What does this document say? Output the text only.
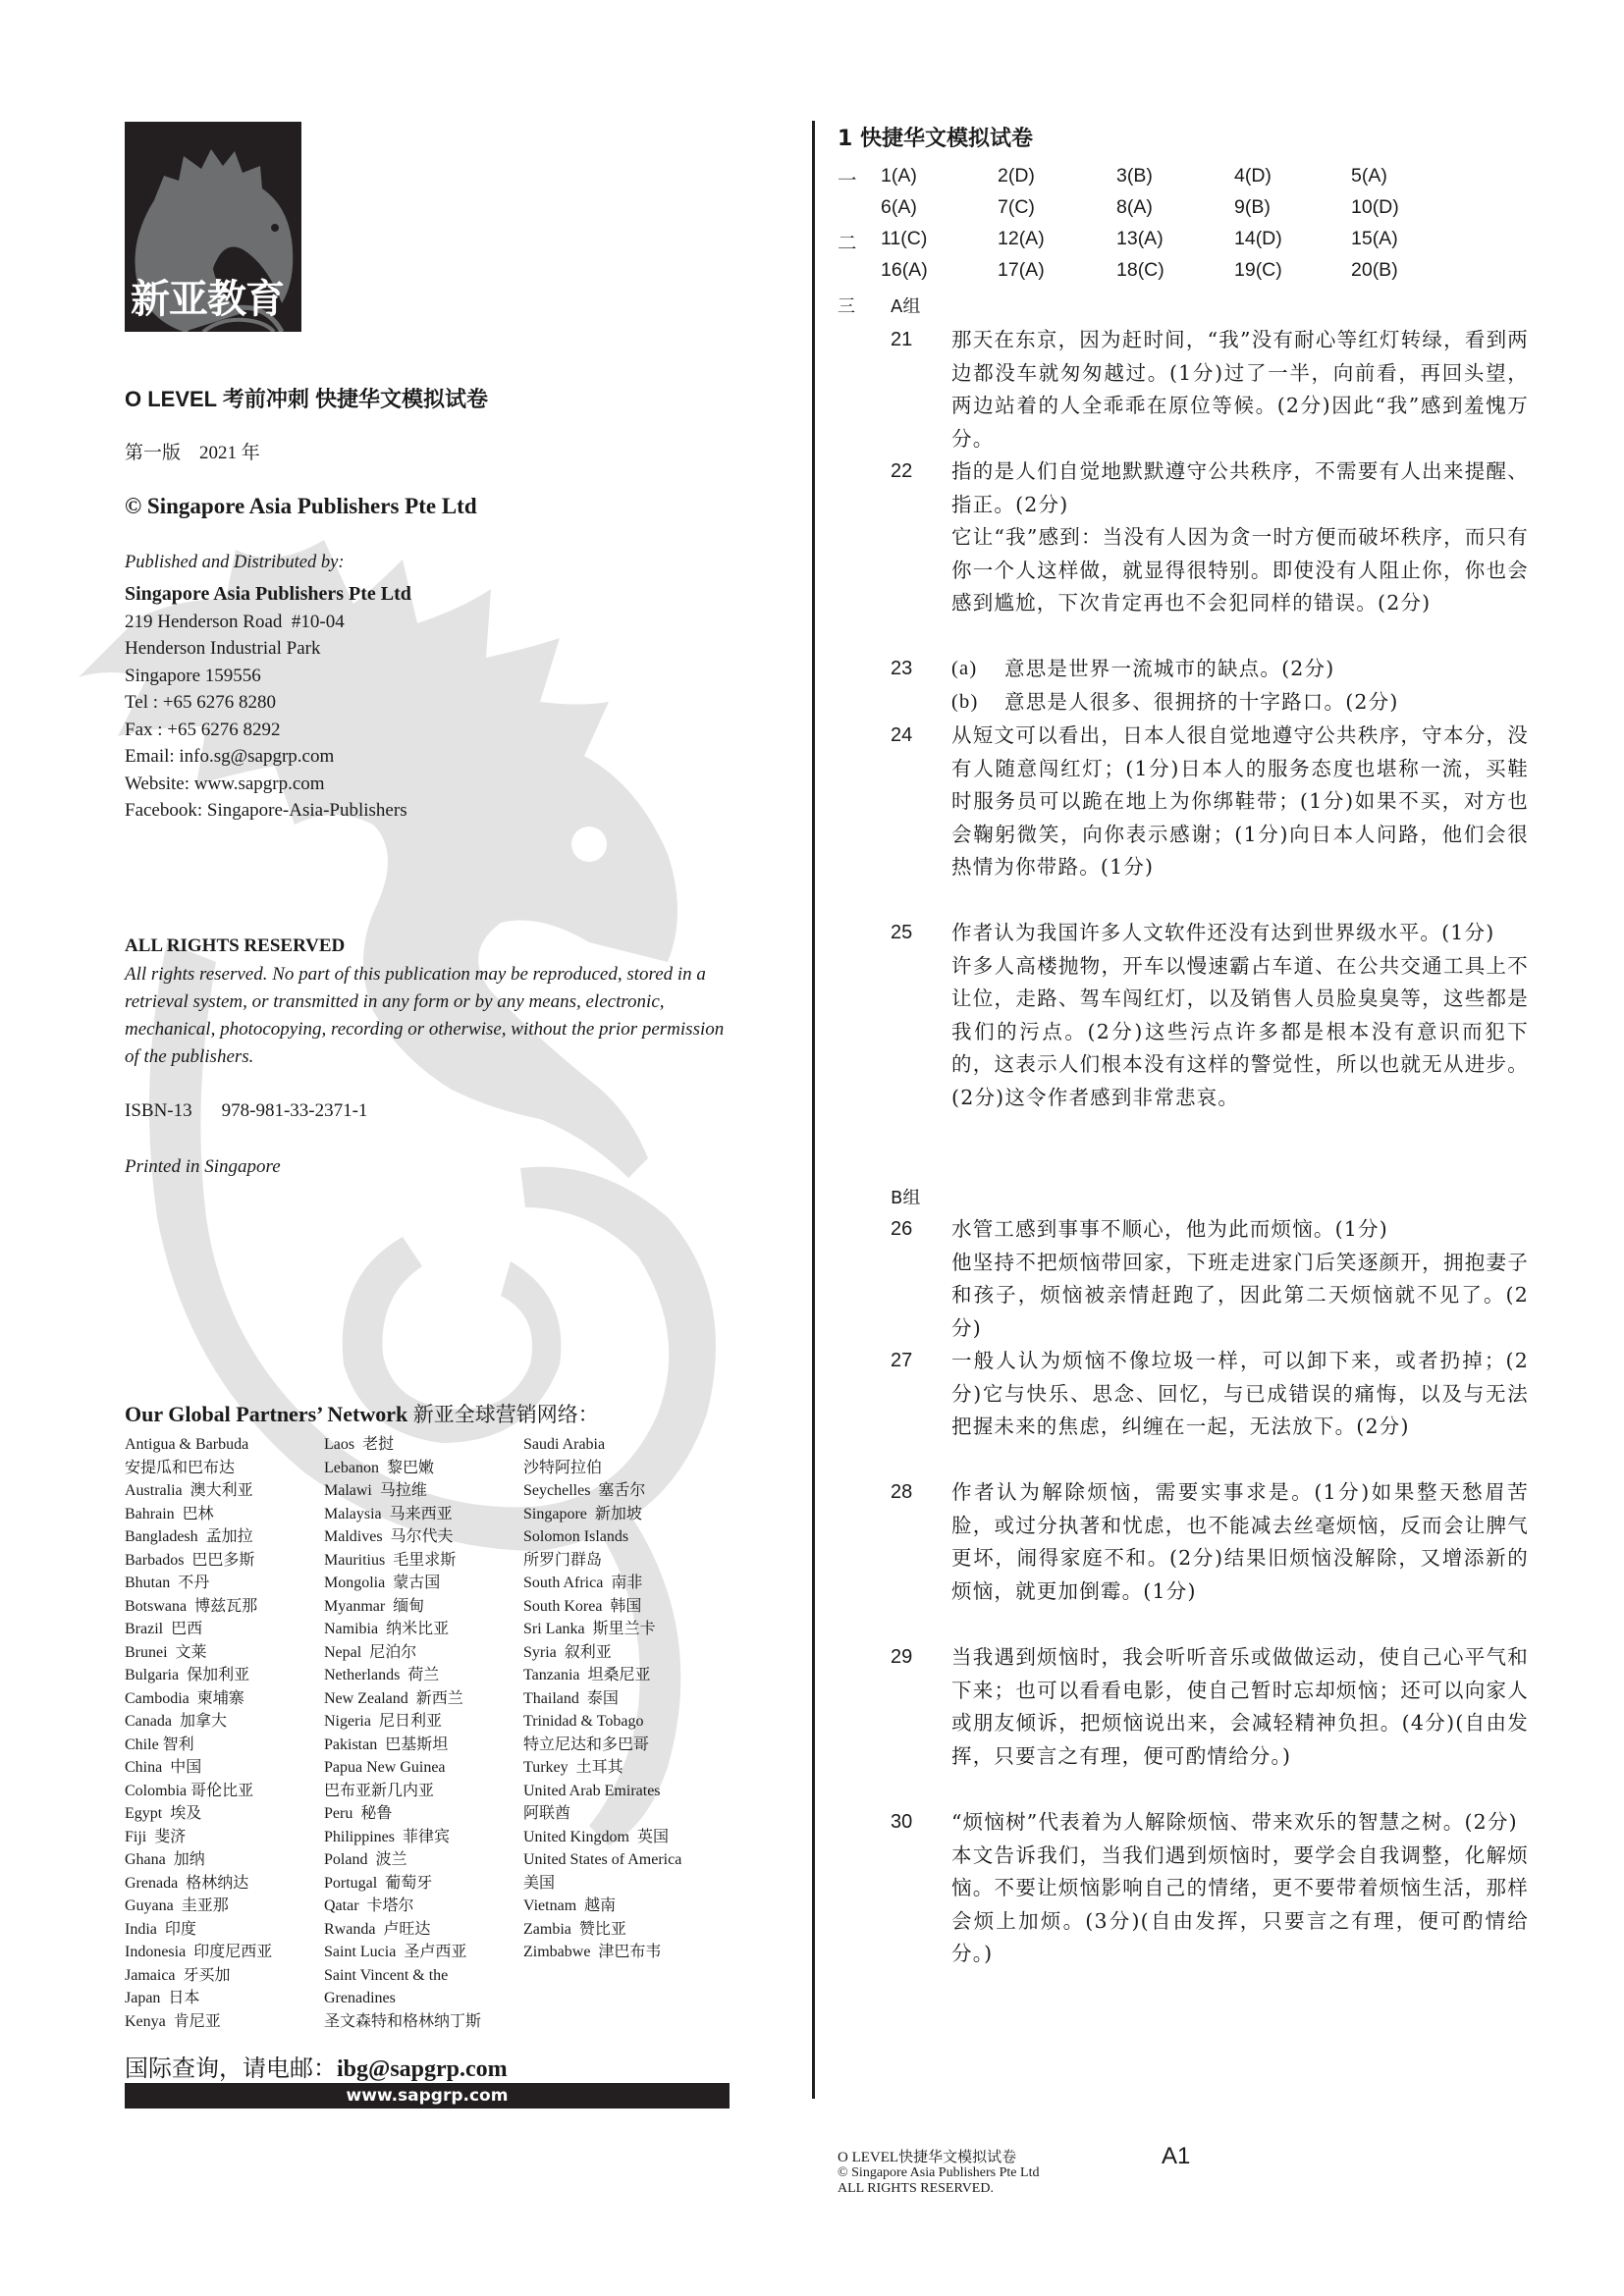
新亚教育
O LEVEL 考前冲刺 快捷华文模拟试卷
第一版　2021 年
© Singapore Asia Publishers Pte Ltd
Published and Distributed by:
Singapore Asia Publishers Pte Ltd
219 Henderson Road  #10-04
Henderson Industrial Park
Singapore 159556
Tel : +65 6276 8280
Fax : +65 6276 8292
Email: info.sg@sapgrp.com
Website: www.sapgrp.com
Facebook: Singapore-Asia-Publishers
ALL RIGHTS RESERVED
All rights reserved. No part of this publication may be reproduced, stored in a retrieval system, or transmitted in any form or by any means, electronic, mechanical, photocopying, recording or otherwise, without the prior permission of the publishers.
ISBN-13 978-981-33-2371-1
Printed in Singapore
Our Global Partners’ Network 新亚全球营销网络：
Antigua & Barbuda
安提瓜和巴布达
Australia  澳大利亚
Bahrain  巴林
Bangladesh  孟加拉
Barbados  巴巴多斯
Bhutan  不丹
Botswana  博兹瓦那
Brazil  巴西
Brunei  文莱
Bulgaria  保加利亚
Cambodia  柬埔寨
Canada  加拿大
Chile 智利
China  中国
Colombia 哥伦比亚
Egypt  埃及
Fiji  斐济
Ghana  加纳
Grenada  格林纳达
Guyana  圭亚那
India  印度
Indonesia  印度尼西亚
Jamaica  牙买加
Japan  日本
Kenya  肯尼亚
Laos  老挝
Lebanon  黎巴嫩
Malawi  马拉维
Malaysia  马来西亚
Maldives  马尔代夫
Mauritius  毛里求斯
Mongolia  蒙古国
Myanmar  缅甸
Namibia  纳米比亚
Nepal  尼泊尔
Netherlands  荷兰
New Zealand  新西兰
Nigeria  尼日利亚
Pakistan  巴基斯坦
Papua New Guinea
巴布亚新几内亚
Peru  秘鲁
Philippines  菲律宾
Poland  波兰
Portugal  葡萄牙
Qatar  卡塔尔
Rwanda  卢旺达
Saint Lucia  圣卢西亚
Saint Vincent & the
Grenadines
圣文森特和格林纳丁斯
Saudi Arabia
沙特阿拉伯
Seychelles  塞舌尔
Singapore  新加坡
Solomon Islands
所罗门群岛
South Africa  南非
South Korea  韩国
Sri Lanka  斯里兰卡
Syria  叙利亚
Tanzania  坦桑尼亚
Thailand  泰国
Trinidad & Tobago
特立尼达和多巴哥
Turkey  土耳其
United Arab Emirates
阿联酋
United Kingdom  英国
United States of America
美国
Vietnam  越南
Zambia  赞比亚
Zimbabwe  津巴布韦
国际查询，请电邮：ibg@sapgrp.com
www.sapgrp.com
1 快捷华文模拟试卷
一	1(A)	2(D)	3(B)	4(D)	5(A)
6(A)	7(C)	8(A)	9(B)	10(D)
二	11(C)	12(A)	13(A)	14(D)	15(A)
16(A)	17(A)	18(C)	19(C)	20(B)
三 A组
21 那天在东京，因为赶时间，“我”没有耐心等红灯转绿，看到两边都没车就匆匆越过。(1分)过了一半，向前看，再回头望，两边站着的人全乖乖在原位等候。(2分)因此“我”感到羞愧万分。

22 指的是人们自觉地默默遵守公共秩序，不需要有人出来提醒、指正。(2分)

它让“我”感到：当没有人因为贪一时方便而破坏秩序，而只有你一个人这样做，就显得很特别。即使没有人阻止你，你也会感到尴尬，下次肯定再也不会犯同样的错误。(2分)

23 (a)	意思是世界一流城市的缺点。(2分)
(b)	意思是人很多、很拥挤的十字路口。(2分)
24 从短文可以看出，日本人很自觉地遵守公共秩序，守本分，没有人随意闯红灯；(1分)日本人的服务态度也堪称一流，买鞋时服务员可以跪在地上为你绑鞋带；(1分)如果不买，对方也会鞠躬微笑，向你表示感谢；(1分)向日本人问路，他们会很热情为你带路。(1分)

25 作者认为我国许多人文软件还没有达到世界级水平。(1分)

许多人高楼抛物，开车以慢速霸占车道、在公共交通工具上不让位，走路、驾车闯红灯，以及销售人员脸臭臭等，这些都是我们的污点。(2分)这些污点许多都是根本没有意识而犯下的，这表示人们根本没有这样的警觉性，所以也就无从进步。(2分)这令作者感到非常悲哀。

B组
26 水管工感到事事不顺心，他为此而烦恼。(1分)

他坚持不把烦恼带回家，下班走进家门后笑逐颜开，拥抱妻子和孩子，烦恼被亲情赶跑了，因此第二天烦恼就不见了。(2分)

27 一般人认为烦恼不像垃圾一样，可以卸下来，或者扔掉；(2分)它与快乐、思念、回忆，与已成错误的痛悔，以及与无法把握未来的焦虑，纠缠在一起，无法放下。(2分)

28 作者认为解除烦恼，需要实事求是。(1分)如果整天愁眉苦脸，或过分执著和忧虑，也不能减去丝毫烦恼，反而会让脾气更坏，闹得家庭不和。(2分)结果旧烦恼没解除，又增添新的烦恼，就更加倒霉。(1分)

29 当我遇到烦恼时，我会听听音乐或做做运动，使自己心平气和下来；也可以看看电影，使自己暂时忘却烦恼；还可以向家人或朋友倾诉，把烦恼说出来，会减轻精神负担。(4分)(自由发挥，只要言之有理，便可酌情给分。)

30 “烦恼树”代表着为人解除烦恼、带来欢乐的智慧之树。(2分)

本文告诉我们，当我们遇到烦恼时，要学会自我调整，化解烦恼。不要让烦恼影响自己的情绪，更不要带着烦恼生活，那样会烦上加烦。(3分)(自由发挥，只要言之有理，便可酌情给分。)

O LEVEL快捷华文模拟试卷
© Singapore Asia Publishers Pte Ltd
ALL RIGHTS RESERVED.
A1
